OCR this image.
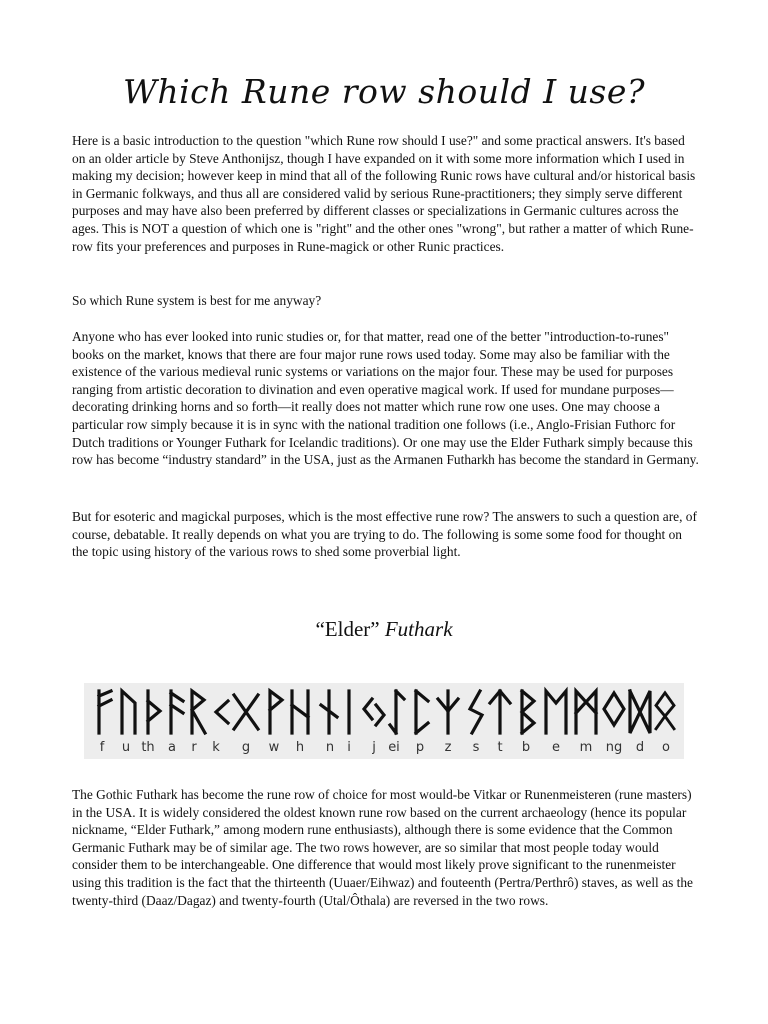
Which Rune row should I use?
Here is a basic introduction to the question "which Rune row should I use?" and some practical answers. It's based on an older article by Steve Anthonijsz, though I have expanded on it with some more information which I used in making my decision; however keep in mind that all of the following Runic rows have cultural and/or historical basis in Germanic folkways, and thus all are considered valid by serious Rune-practitioners; they simply serve different purposes and may have also been preferred by different classes or specializations in Germanic cultures across the ages. This is NOT a question of which one is "right" and the other ones "wrong", but rather a matter of which Rune-row fits your preferences and purposes in Rune-magick or other Runic practices.
So which Rune system is best for me anyway?
Anyone who has ever looked into runic studies or, for that matter, read one of the better "introduction-to-runes" books on the market, knows that there are four major rune rows used today. Some may also be familiar with the existence of the various medieval runic systems or variations on the major four. These may be used for purposes ranging from artistic decoration to divination and even operative magical work. If used for mundane purposes—decorating drinking horns and so forth—it really does not matter which rune row one uses. One may choose a particular row simply because it is in sync with the national tradition one follows (i.e., Anglo-Frisian Futhorc for Dutch traditions or Younger Futhark for Icelandic traditions). Or one may use the Elder Futhark simply because this row has become “industry standard” in the USA, just as the Armanen Futharkh has become the standard in Germany.
But for esoteric and magickal purposes, which is the most effective rune row? The answers to such a question are, of course, debatable. It really depends on what you are trying to do. The following is some some food for thought on the topic using history of the various rows to shed some proverbial light.
“Elder” Futhark
f u th a r k g w h n i j ei p z s t b e m ng d o
The Gothic Futhark has become the rune row of choice for most would-be Vitkar or Runenmeisteren (rune masters) in the USA. It is widely considered the oldest known rune row based on the current archaeology (hence its popular nickname, “Elder Futhark,” among modern rune enthusiasts), although there is some evidence that the Common Germanic Futhark may be of similar age. The two rows however, are so similar that most people today would consider them to be interchangeable. One difference that would most likely prove significant to the runenmeister using this tradition is the fact that the thirteenth (Uuaer/Eihwaz) and fouteenth (Pertra/Perthrô) staves, as well as the twenty-third (Daaz/Dagaz) and twenty-fourth (Utal/Ôthala) are reversed in the two rows.
